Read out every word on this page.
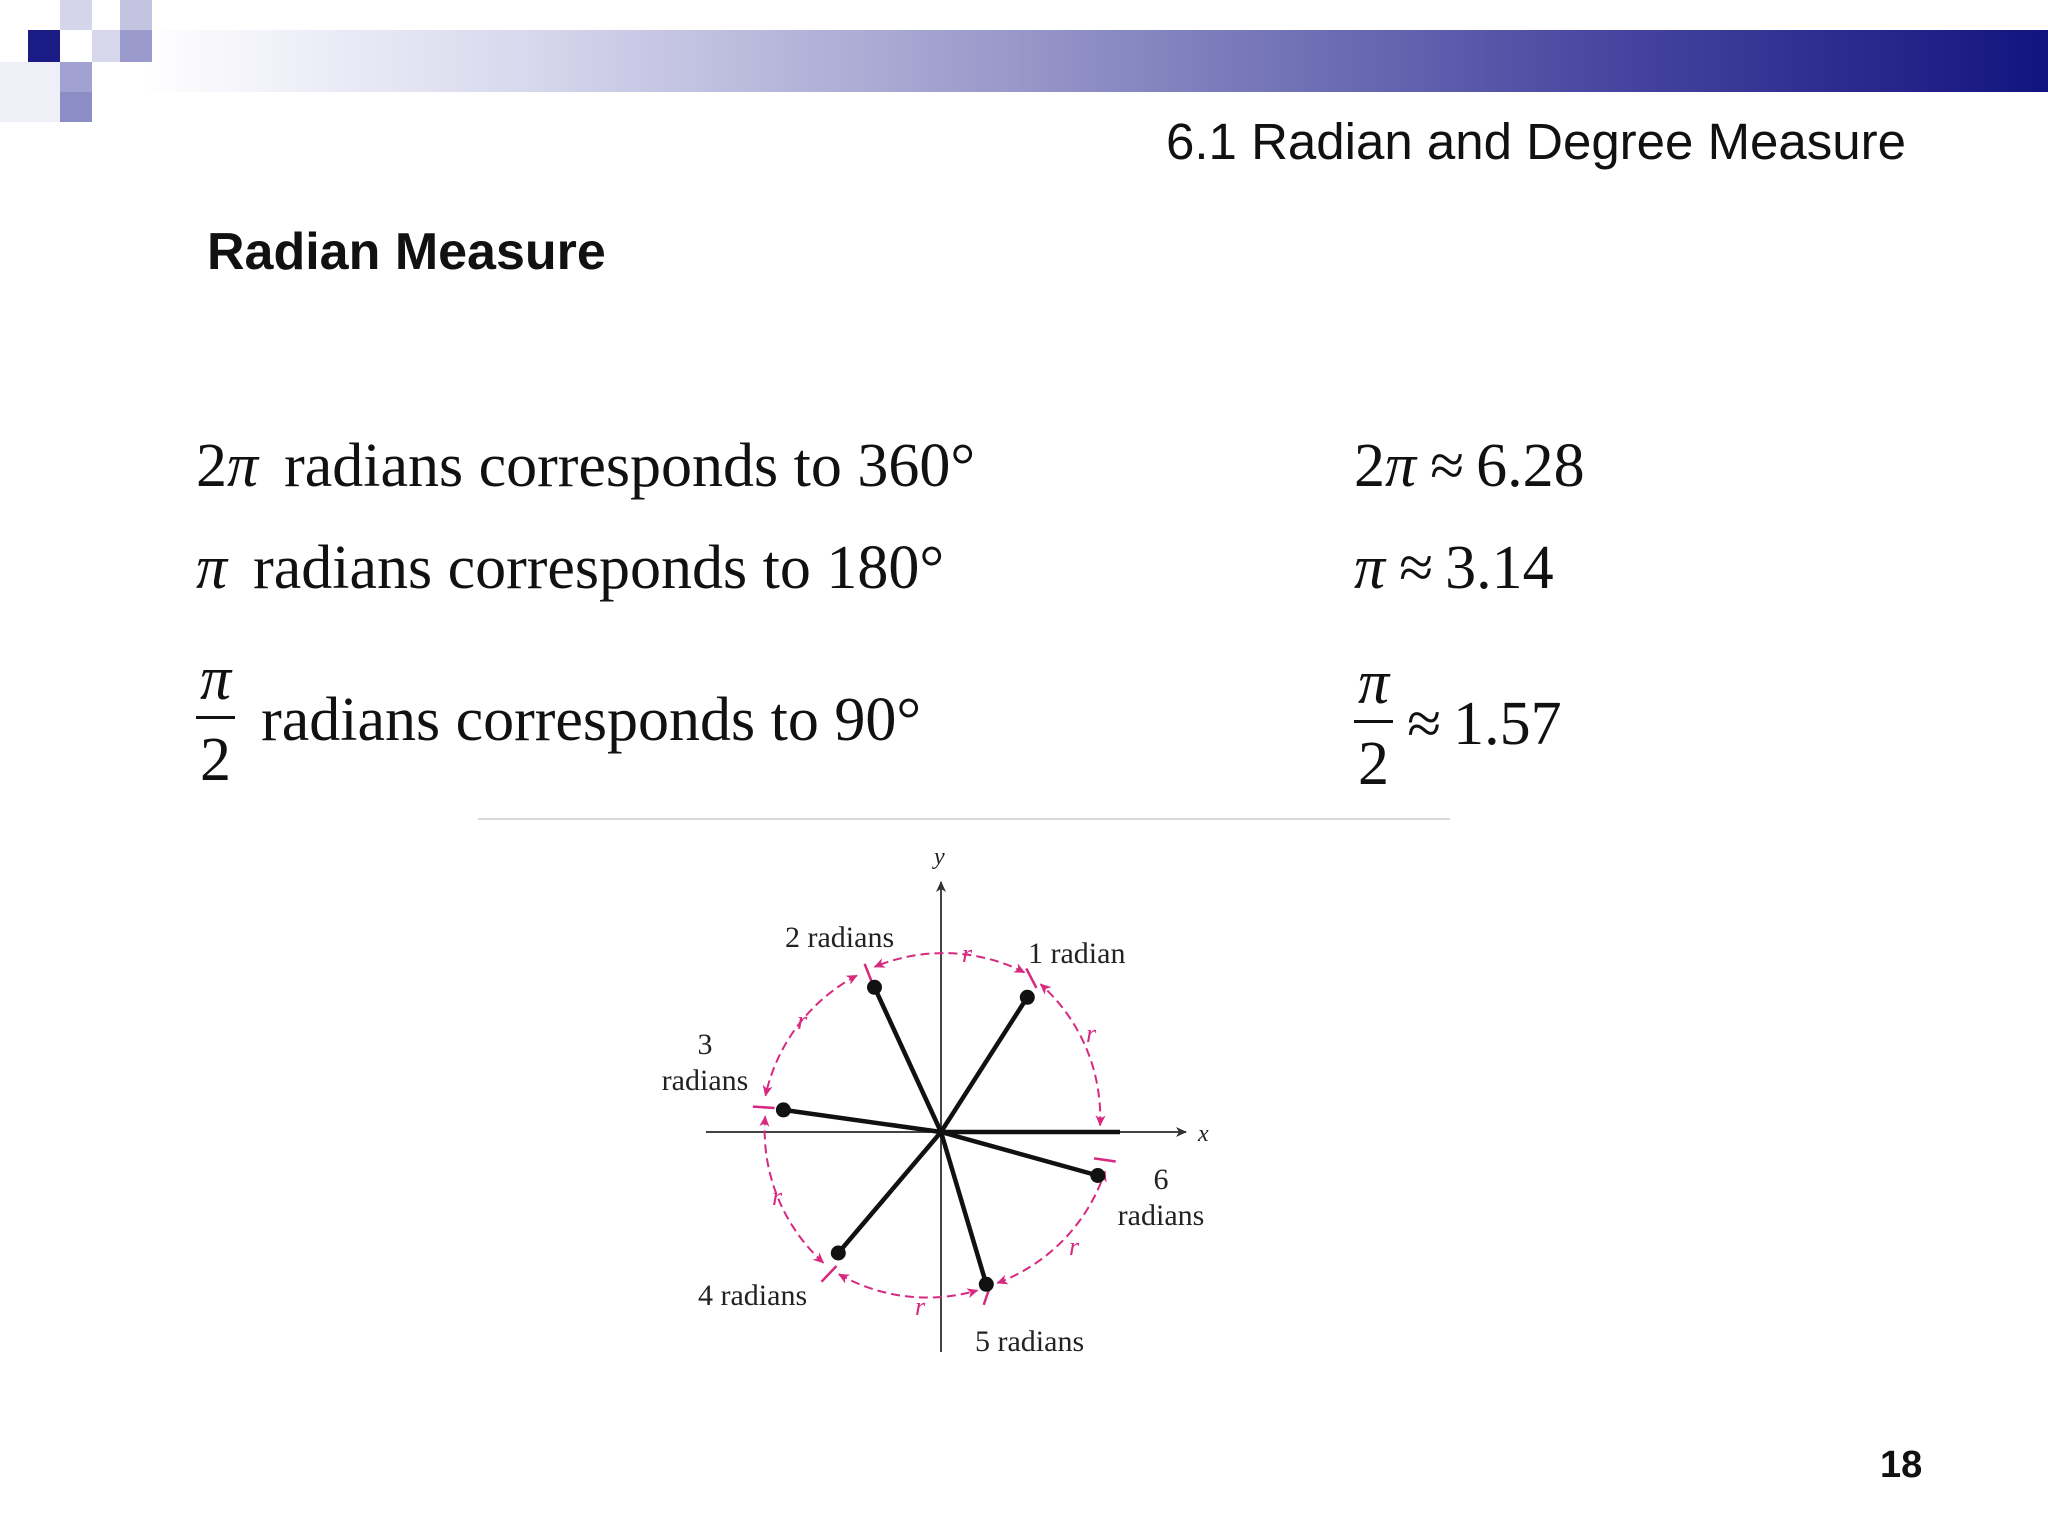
6.1 Radian and Degree Measure
Radian Measure
2 π radians corresponds to 360°
π radians corresponds to 180°
$\frac{\pi}{2}$ radians corresponds to 90°
2 π ≈ 6.28
π ≈ 3.14
$\frac{\pi}{2} \approx 1.57$
x
y
r
r
r
r
r
r
1 radian
2 radians
3
radians
4 radians
5 radians
6
radians
18
